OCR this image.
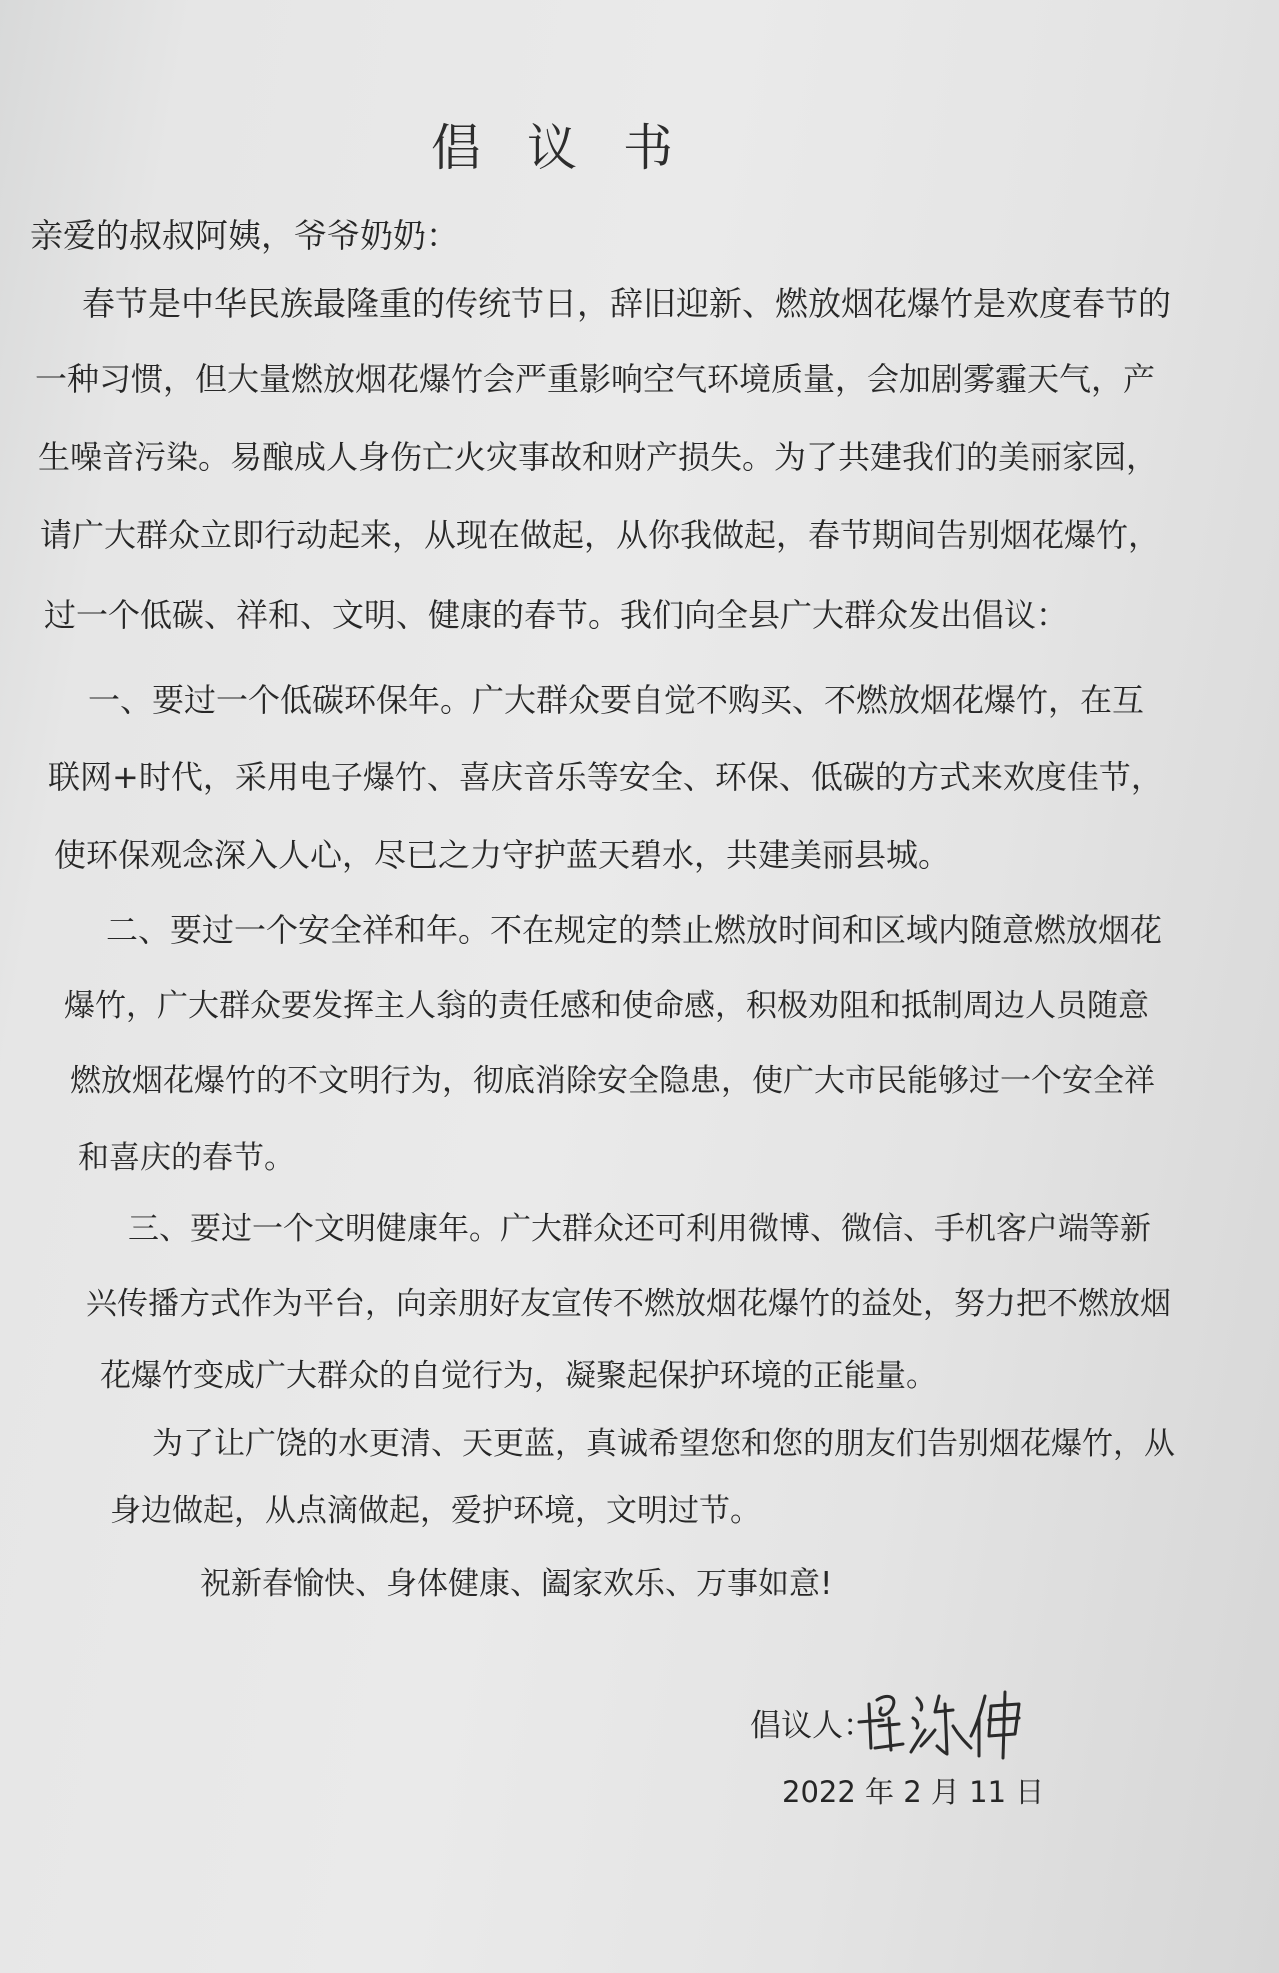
倡议书
亲爱的叔叔阿姨，爷爷奶奶：
春节是中华民族最隆重的传统节日，辞旧迎新、燃放烟花爆竹是欢度春节的
一种习惯，但大量燃放烟花爆竹会严重影响空气环境质量，会加剧雾霾天气，产
生噪音污染。易酿成人身伤亡火灾事故和财产损失。为了共建我们的美丽家园，
请广大群众立即行动起来，从现在做起，从你我做起，春节期间告别烟花爆竹，
过一个低碳、祥和、文明、健康的春节。我们向全县广大群众发出倡议：
一、要过一个低碳环保年。广大群众要自觉不购买、不燃放烟花爆竹，在互
联网+时代，采用电子爆竹、喜庆音乐等安全、环保、低碳的方式来欢度佳节，
使环保观念深入人心，尽已之力守护蓝天碧水，共建美丽县城。
二、要过一个安全祥和年。不在规定的禁止燃放时间和区域内随意燃放烟花
爆竹，广大群众要发挥主人翁的责任感和使命感，积极劝阻和抵制周边人员随意
燃放烟花爆竹的不文明行为，彻底消除安全隐患，使广大市民能够过一个安全祥
和喜庆的春节。
三、要过一个文明健康年。广大群众还可利用微博、微信、手机客户端等新
兴传播方式作为平台，向亲朋好友宣传不燃放烟花爆竹的益处，努力把不燃放烟
花爆竹变成广大群众的自觉行为，凝聚起保护环境的正能量。
为了让广饶的水更清、天更蓝，真诚希望您和您的朋友们告别烟花爆竹，从
身边做起，从点滴做起，爱护环境，文明过节。
祝新春愉快、身体健康、阖家欢乐、万事如意!
倡议人：
2022 年 2 月 11 日
